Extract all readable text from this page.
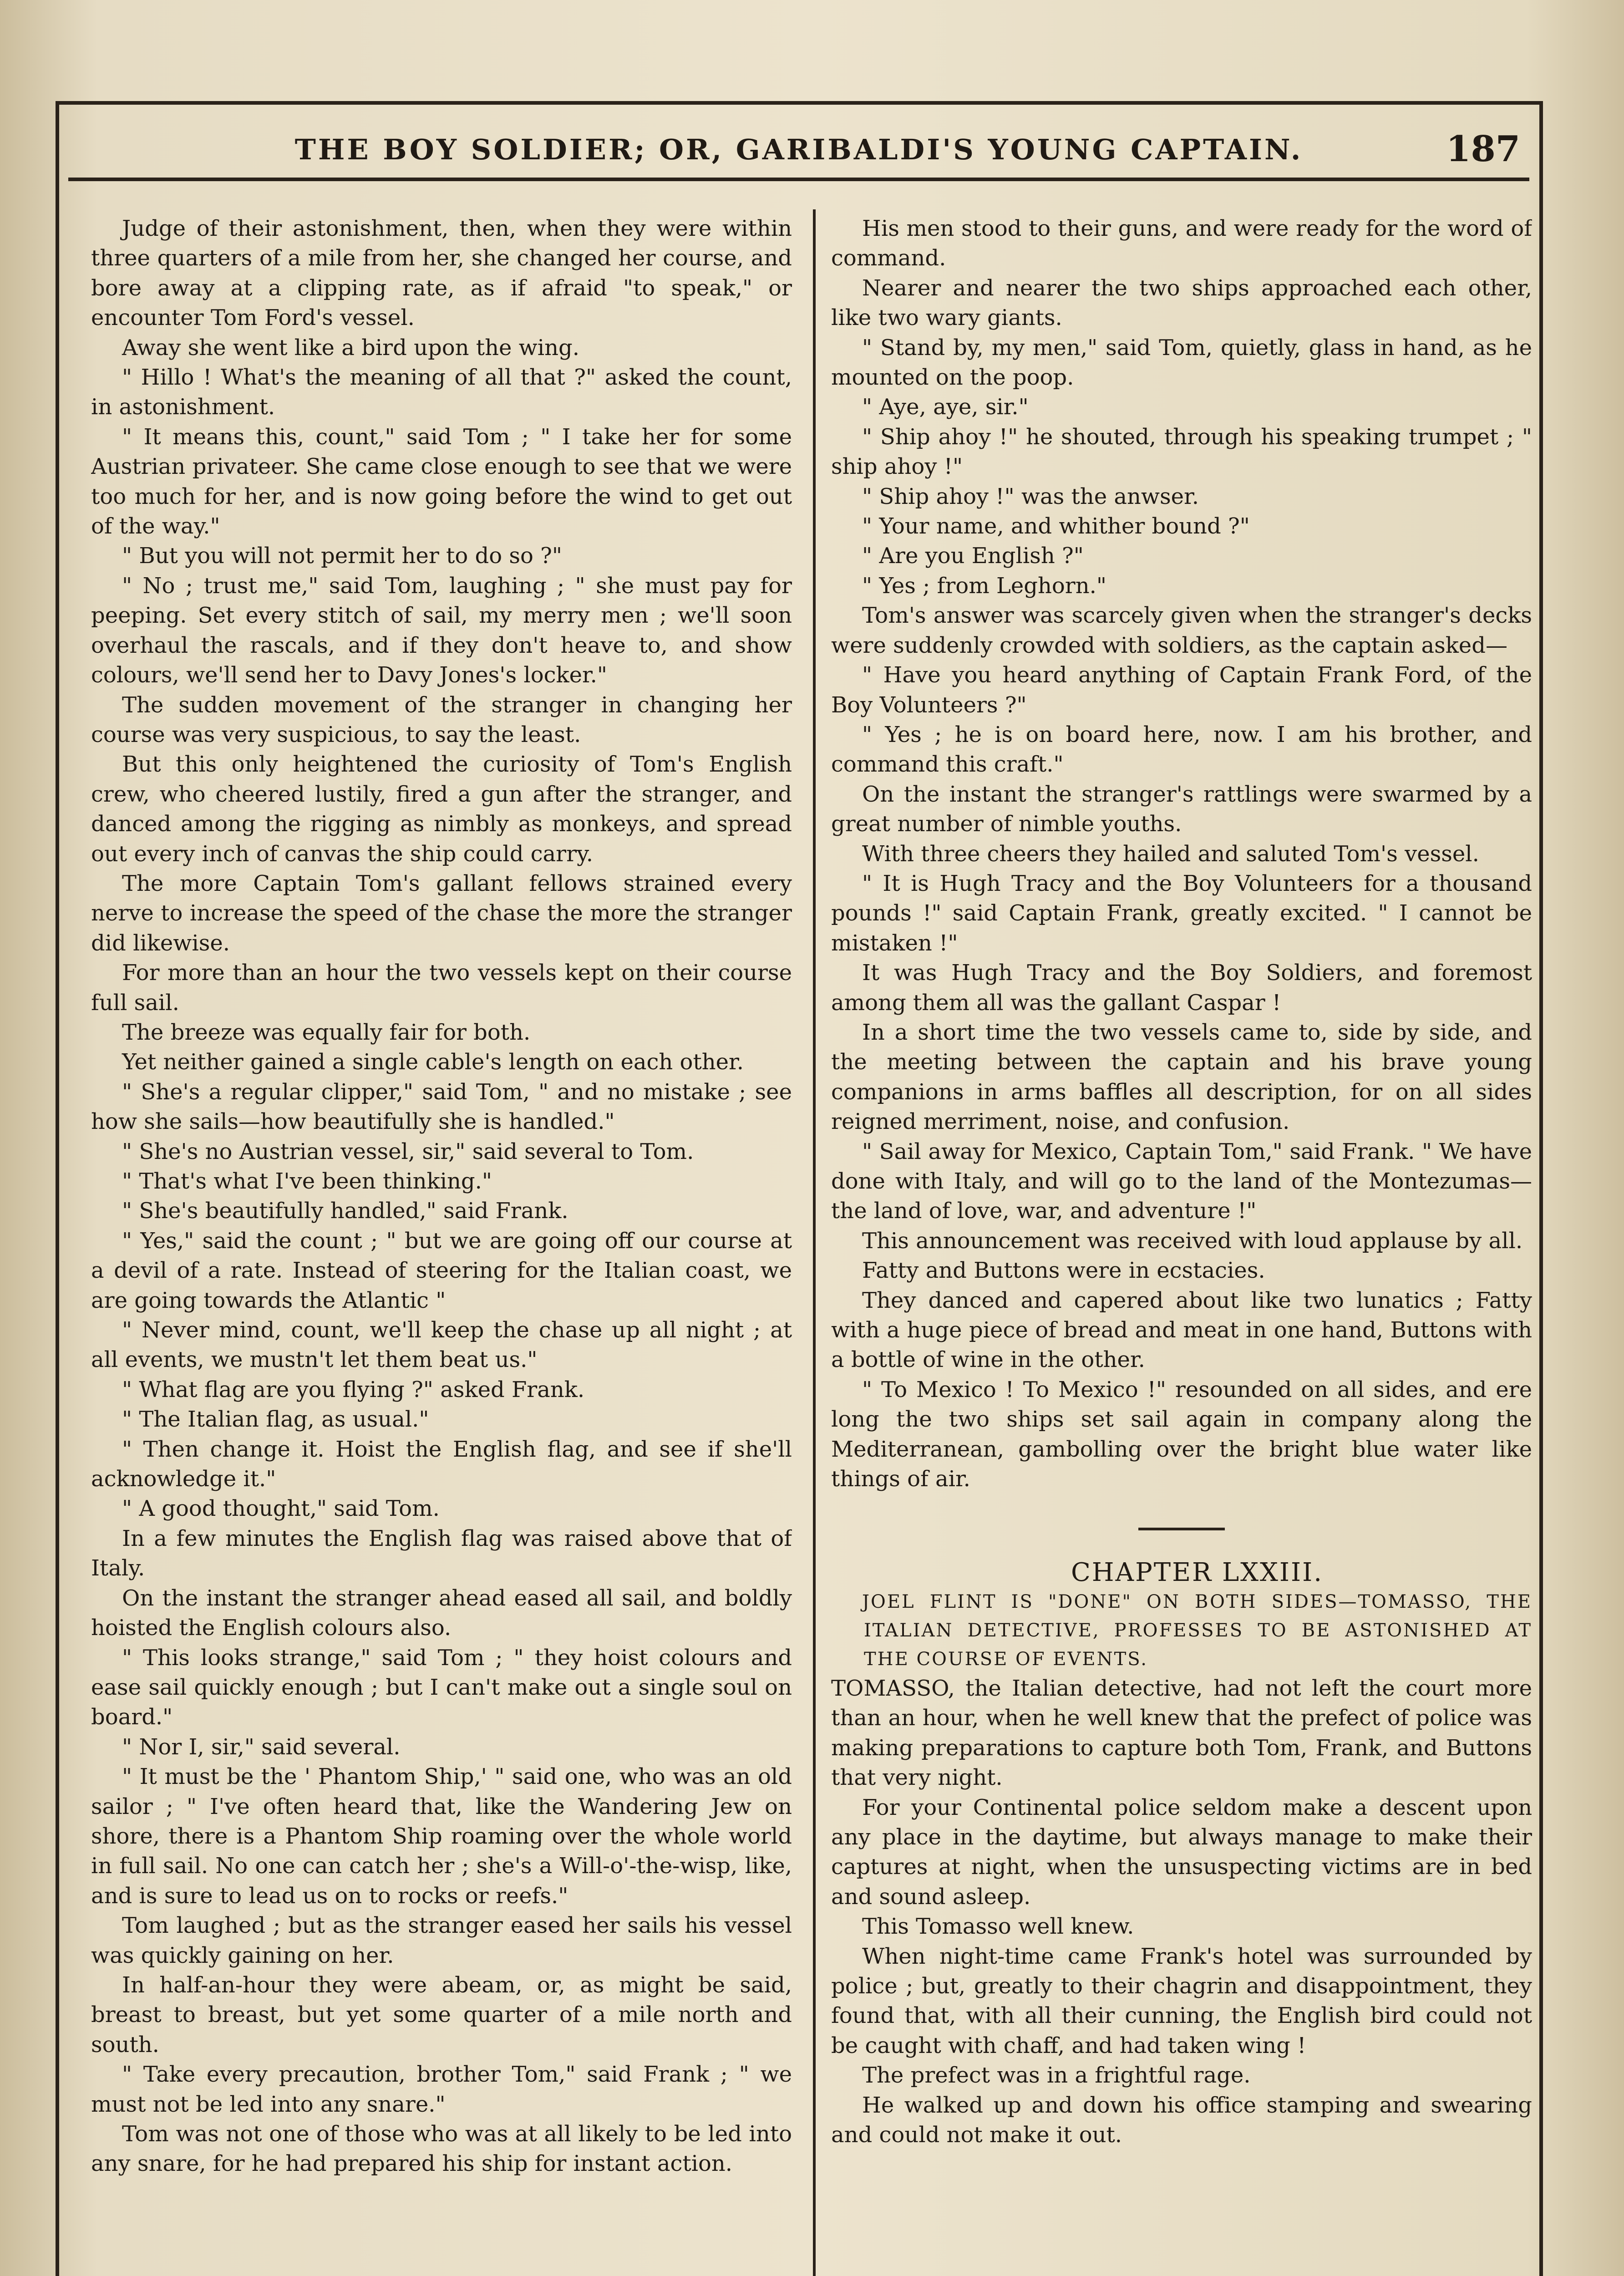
THE BOY SOLDIER; OR, GARIBALDI'S YOUNG CAPTAIN.	187

Judge of their astonishment, then, when they were within three quarters of a mile from her, she changed her course, and bore away at a clipping rate, as if afraid "to speak," or encounter Tom Ford's vessel.

Away she went like a bird upon the wing.

" Hillo ! What's the meaning of all that ?" asked the count, in astonishment.

" It means this, count," said Tom ; " I take her for some Austrian privateer. She came close enough to see that we were too much for her, and is now going before the wind to get out of the way."

" But you will not permit her to do so ?"

" No ; trust me," said Tom, laughing ; " she must pay for peeping. Set every stitch of sail, my merry men ; we'll soon overhaul the rascals, and if they don't heave to, and show colours, we'll send her to Davy Jones's locker."

The sudden movement of the stranger in changing her course was very suspicious, to say the least.

But this only heightened the curiosity of Tom's English crew, who cheered lustily, fired a gun after the stranger, and danced among the rigging as nimbly as monkeys, and spread out every inch of canvas the ship could carry.

The more Captain Tom's gallant fellows strained every nerve to increase the speed of the chase the more the stranger did likewise.

For more than an hour the two vessels kept on their course full sail.

The breeze was equally fair for both.

Yet neither gained a single cable's length on each other.

" She's a regular clipper," said Tom, " and no mistake ; see how she sails—how beautifully she is handled."

" She's no Austrian vessel, sir," said several to Tom.

" That's what I've been thinking."

" She's beautifully handled," said Frank.

" Yes," said the count ; " but we are going off our course at a devil of a rate. Instead of steering for the Italian coast, we are going towards the Atlantic "

" Never mind, count, we'll keep the chase up all night ; at all events, we mustn't let them beat us."

" What flag are you flying ?" asked Frank.

" The Italian flag, as usual."

" Then change it. Hoist the English flag, and see if she'll acknowledge it."

" A good thought," said Tom.

In a few minutes the English flag was raised above that of Italy.

On the instant the stranger ahead eased all sail, and boldly hoisted the English colours also.

" This looks strange," said Tom ; " they hoist colours and ease sail quickly enough ; but I can't make out a single soul on board."

" Nor I, sir," said several.

" It must be the ' Phantom Ship,' " said one, who was an old sailor ; " I've often heard that, like the Wandering Jew on shore, there is a Phantom Ship roaming over the whole world in full sail. No one can catch her ; she's a Will-o'-the-wisp, like, and is sure to lead us on to rocks or reefs."

Tom laughed ; but as the stranger eased her sails his vessel was quickly gaining on her.

In half-an-hour they were abeam, or, as might be said, breast to breast, but yet some quarter of a mile north and south.

" Take every precaution, brother Tom," said Frank ; " we must not be led into any snare."

Tom was not one of those who was at all likely to be led into any snare, for he had prepared his ship for instant action.

His men stood to their guns, and were ready for the word of command.

Nearer and nearer the two ships approached each other, like two wary giants.

" Stand by, my men," said Tom, quietly, glass in hand, as he mounted on the poop.

" Aye, aye, sir."

" Ship ahoy !" he shouted, through his speaking trumpet ; " ship ahoy !"

" Ship ahoy !" was the anwser.

" Your name, and whither bound ?"

" Are you English ?"

" Yes ; from Leghorn."

Tom's answer was scarcely given when the stranger's decks were suddenly crowded with soldiers, as the captain asked—

" Have you heard anything of Captain Frank Ford, of the Boy Volunteers ?"

" Yes ; he is on board here, now. I am his brother, and command this craft."

On the instant the stranger's rattlings were swarmed by a great number of nimble youths.

With three cheers they hailed and saluted Tom's vessel.

" It is Hugh Tracy and the Boy Volunteers for a thousand pounds !" said Captain Frank, greatly excited. " I cannot be mistaken !"

It was Hugh Tracy and the Boy Soldiers, and foremost among them all was the gallant Caspar !

In a short time the two vessels came to, side by side, and the meeting between the captain and his brave young companions in arms baffles all description, for on all sides reigned merriment, noise, and confusion.

" Sail away for Mexico, Captain Tom," said Frank. " We have done with Italy, and will go to the land of the Montezumas—the land of love, war, and adventure !"

This announcement was received with loud applause by all.

Fatty and Buttons were in ecstacies.

They danced and capered about like two lunatics ; Fatty with a huge piece of bread and meat in one hand, Buttons with a bottle of wine in the other.

" To Mexico ! To Mexico !" resounded on all sides, and ere long the two ships set sail again in company along the Mediterranean, gambolling over the bright blue water like things of air.

CHAPTER LXXIII.

JOEL FLINT IS "DONE" ON BOTH SIDES—TOMASSO, THE ITALIAN DETECTIVE, PROFESSES TO BE ASTONISHED AT THE COURSE OF EVENTS.

TOMASSO, the Italian detective, had not left the court more than an hour, when he well knew that the prefect of police was making preparations to capture both Tom, Frank, and Buttons that very night.

For your Continental police seldom make a descent upon any place in the daytime, but always manage to make their captures at night, when the unsuspecting victims are in bed and sound asleep.

This Tomasso well knew.

When night-time came Frank's hotel was surrounded by police ; but, greatly to their chagrin and disappointment, they found that, with all their cunning, the English bird could not be caught with chaff, and had taken wing !

The prefect was in a frightful rage.

He walked up and down his office stamping and swearing and could not make it out.
